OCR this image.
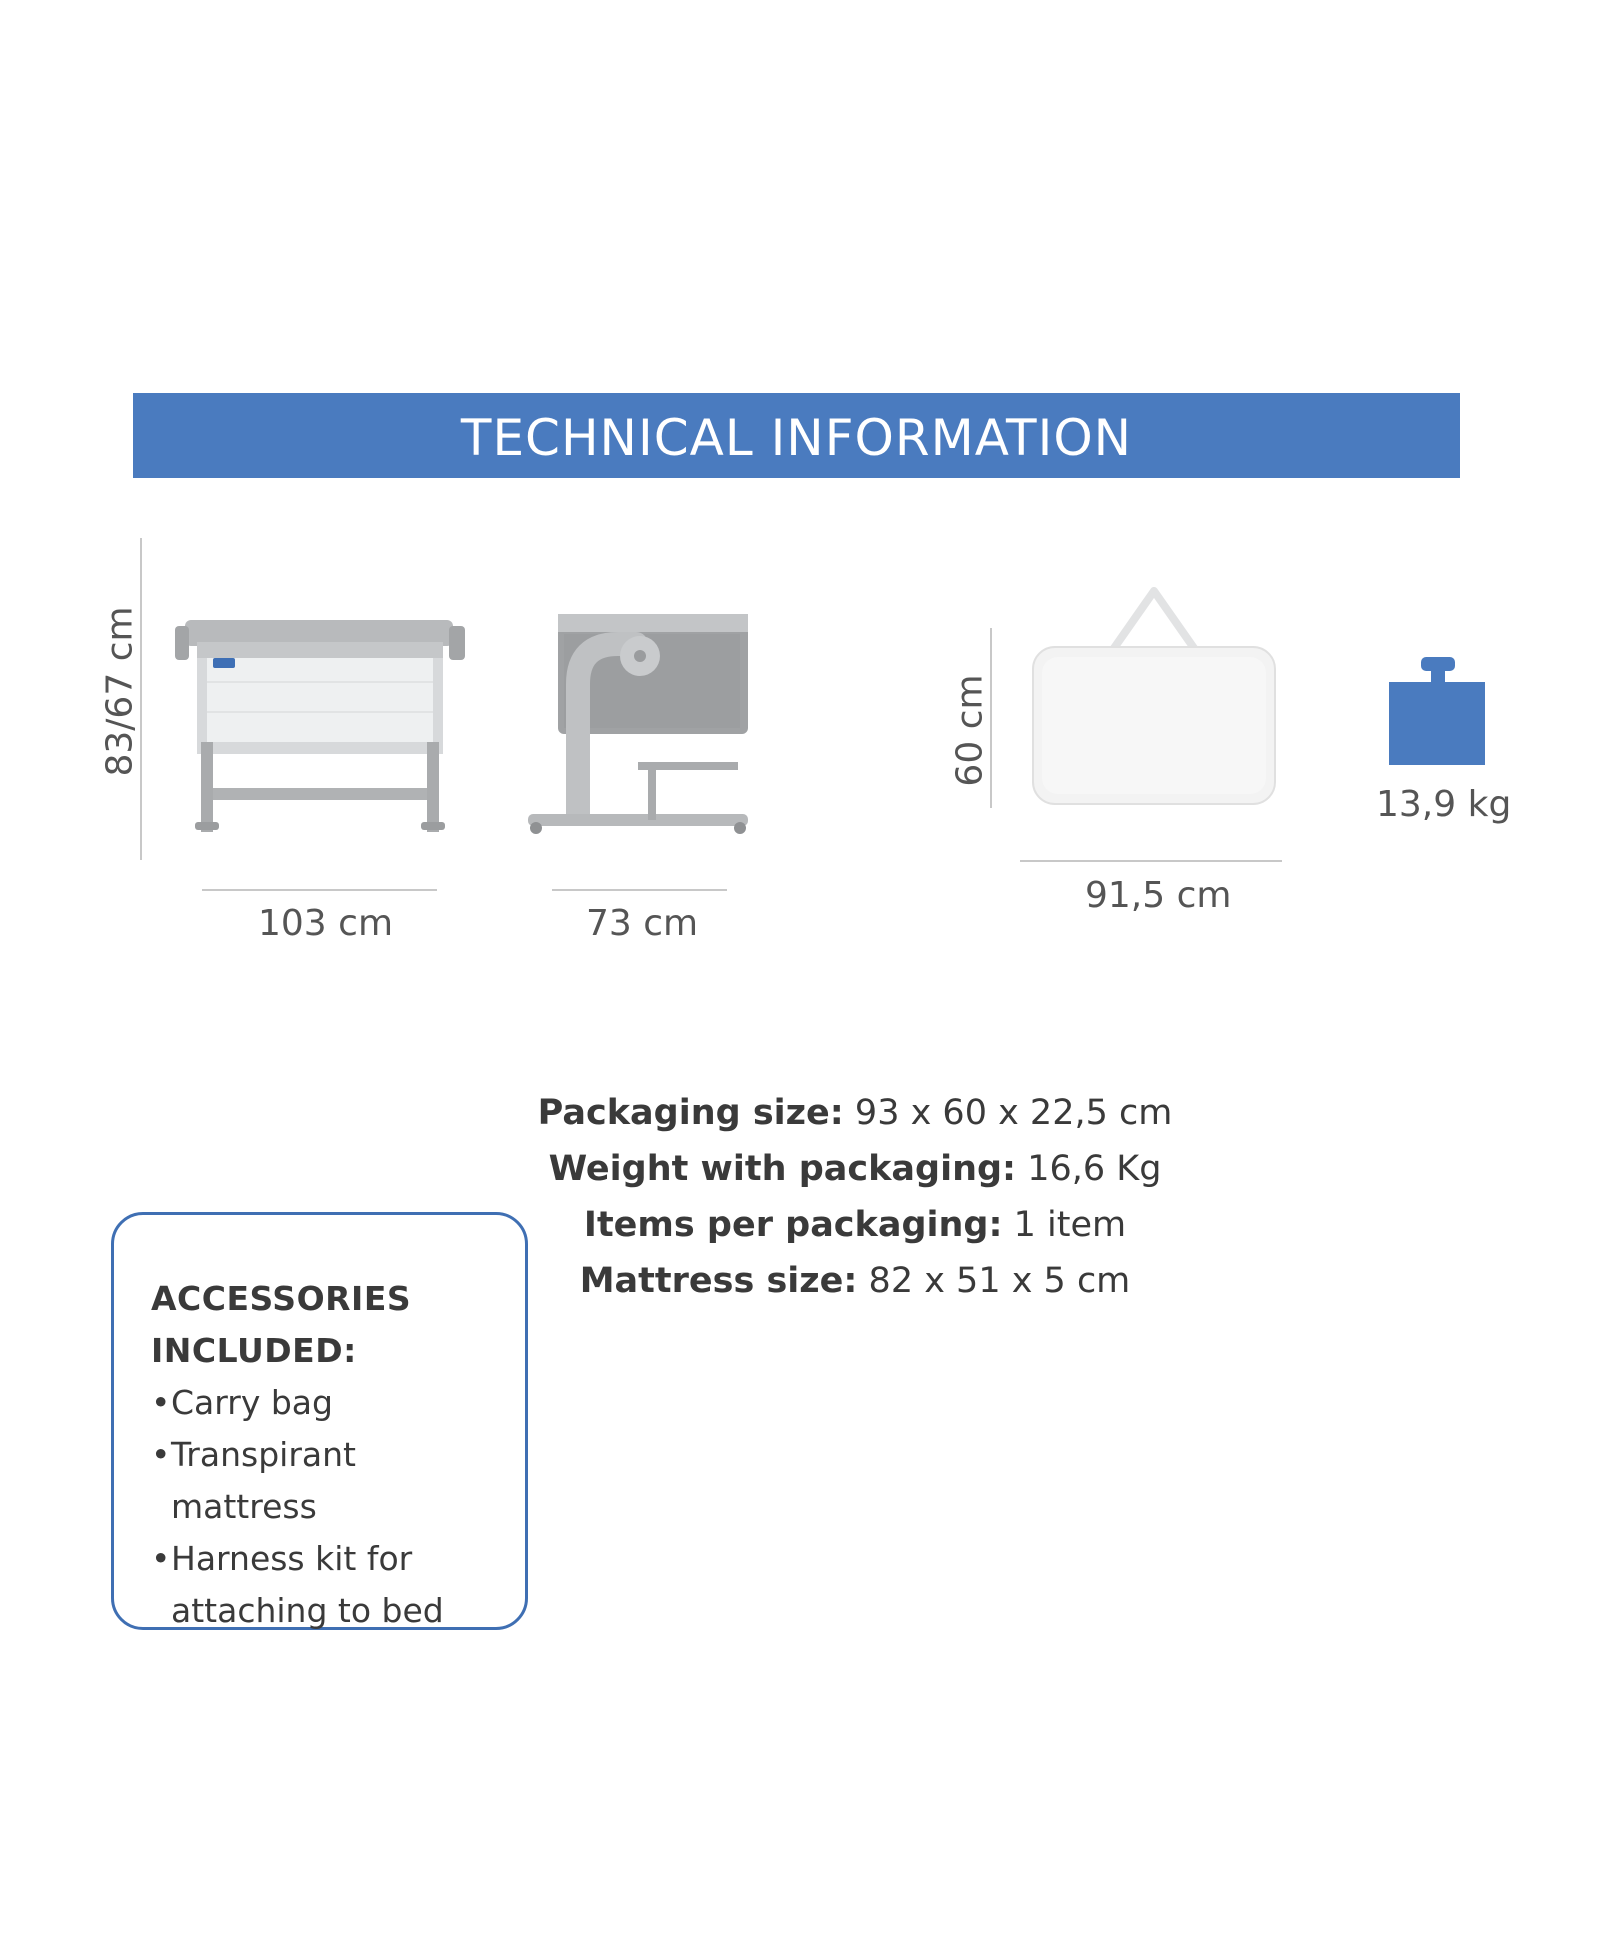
TECHNICAL INFORMATION
83/67 cm
103 cm	73 cm
60 cm
91,5 cm
13,9 kg
Packaging size: 93 x 60 x 22,5 cm
Weight with packaging: 16,6 Kg
Items per packaging: 1 item
Mattress size: 82 x 51 x 5 cm
ACCESSORIES INCLUDED:
• Carry bag
• Transpirant mattress
• Harness kit for attaching to bed
